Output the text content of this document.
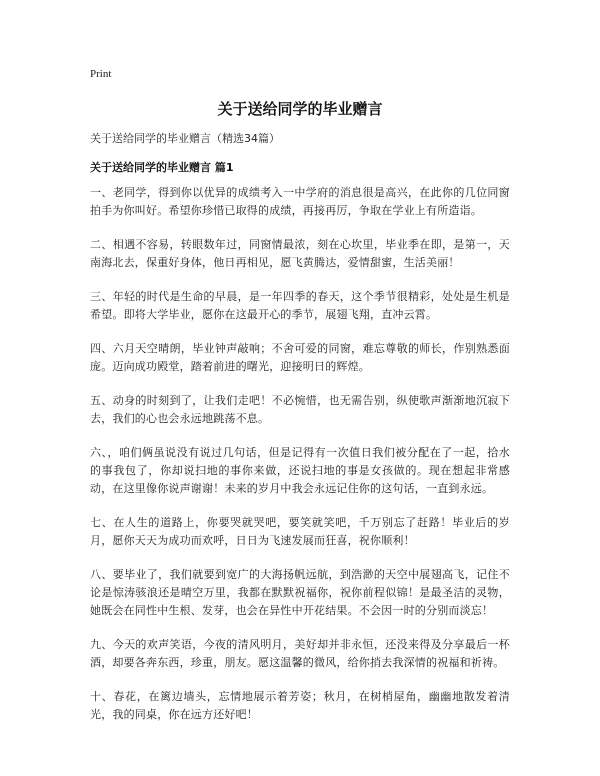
Print
关于送给同学的毕业赠言

关于送给同学的毕业赠言（精选34篇）

关于送给同学的毕业赠言 篇1

一、老同学，得到你以优异的成绩考入一中学府的消息很是高兴，在此你的几位同窗拍手为你叫好。希望你珍惜已取得的成绩，再接再厉，争取在学业上有所造诣。

二、相遇不容易，转眼数年过，同窗情最浓，刻在心坎里，毕业季在即，是第一，天南海北去，保重好身体，他日再相见，愿飞黄腾达，爱情甜蜜，生活美丽！

三、年轻的时代是生命的早晨，是一年四季的春天，这个季节很精彩，处处是生机是希望。即将大学毕业，愿你在这最开心的季节，展翅飞翔，直冲云霄。

四、六月天空晴朗，毕业钟声敲响；不舍可爱的同窗，难忘尊敬的师长，作别熟悉面庞。迈向成功殿堂，踏着前进的曙光，迎接明日的辉煌。

五、动身的时刻到了，让我们走吧！不必惋惜，也无需告别，纵使歌声渐渐地沉寂下去，我们的心也会永远地跳荡不息。

六、，咱们俩虽说没有说过几句话，但是记得有一次值日我们被分配在了一起，拾水的事我包了，你却说扫地的事你来做，还说扫地的事是女孩做的。现在想起非常感动，在这里像你说声谢谢！未来的岁月中我会永远记住你的这句话，一直到永远。

七、在人生的道路上，你要哭就哭吧，要笑就笑吧，千万别忘了赶路！毕业后的岁月，愿你天天为成功而欢呼，日日为飞速发展而狂喜，祝你顺利！

八、要毕业了，我们就要到宽广的大海扬帆远航，到浩渺的天空中展翅高飞，记住不论是惊涛骇浪还是晴空万里，我都在默默祝福你，祝你前程似锦！是最圣洁的灵物，她既会在同性中生根、发芽，也会在异性中开花结果。不会因一时的分别而淡忘！

九、今天的欢声笑语，今夜的清风明月，美好却并非永恒，还没来得及分享最后一杯酒，却要各奔东西，珍重，朋友。愿这温馨的微风，给你捎去我深情的祝福和祈祷。

十、春花，在篱边墙头，忘情地展示着芳姿；秋月，在树梢屋角，幽幽地散发着清光，我的同桌，你在远方还好吧！
